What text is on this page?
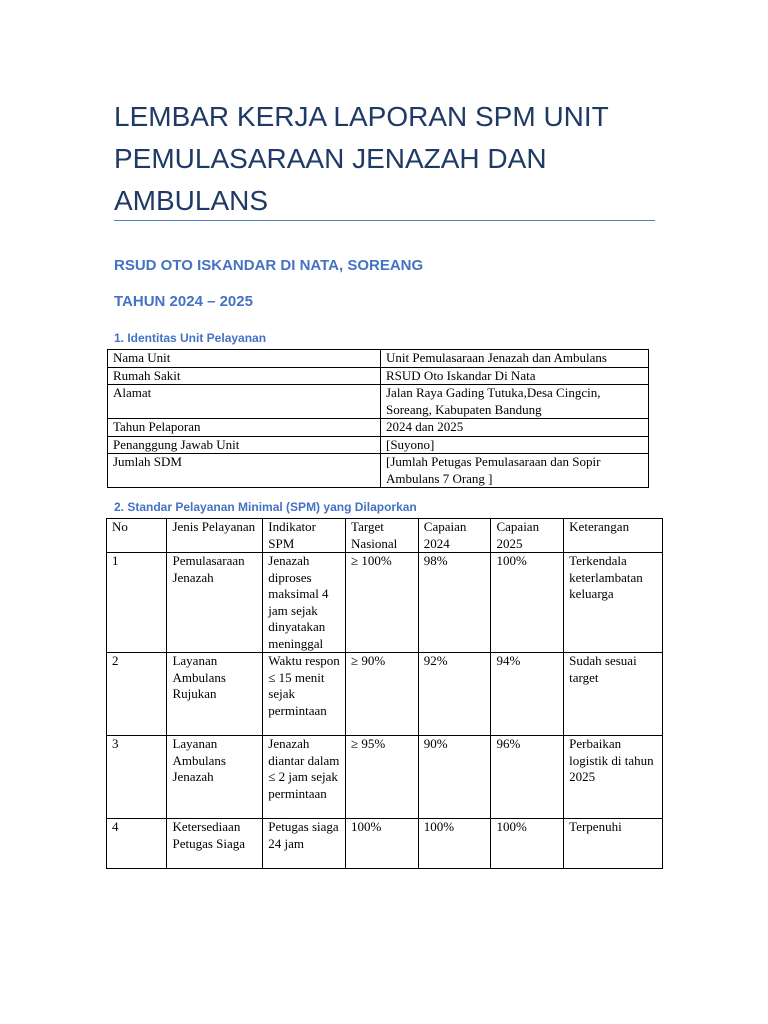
LEMBAR KERJA LAPORAN SPM UNIT PEMULASARAAN JENAZAH DAN AMBULANS
RSUD OTO ISKANDAR DI NATA, SOREANG
TAHUN 2024 – 2025
1. Identitas Unit Pelayanan
Nama Unit	Unit Pemulasaraan Jenazah dan Ambulans
Rumah Sakit	RSUD Oto Iskandar Di Nata
Alamat	Jalan Raya Gading Tutuka,Desa Cingcin, Soreang, Kabupaten Bandung
Tahun Pelaporan	2024 dan 2025
Penanggung Jawab Unit	[Suyono]
Jumlah SDM	[Jumlah Petugas Pemulasaraan dan Sopir Ambulans 7 Orang ]
2. Standar Pelayanan Minimal (SPM) yang Dilaporkan
No	Jenis Pelayanan	Indikator SPM	Target Nasional	Capaian 2024	Capaian 2025	Keterangan
1	Pemulasaraan Jenazah	Jenazah diproses maksimal 4 jam sejak dinyatakan meninggal	≥ 100%	98%	100%	Terkendala keterlambatan keluarga
2	Layanan Ambulans Rujukan	Waktu respon ≤ 15 menit sejak permintaan	≥ 90%	92%	94%	Sudah sesuai target
3	Layanan Ambulans Jenazah	Jenazah diantar dalam ≤ 2 jam sejak permintaan	≥ 95%	90%	96%	Perbaikan logistik di tahun 2025
4	Ketersediaan Petugas Siaga	Petugas siaga 24 jam	100%	100%	100%	Terpenuhi
